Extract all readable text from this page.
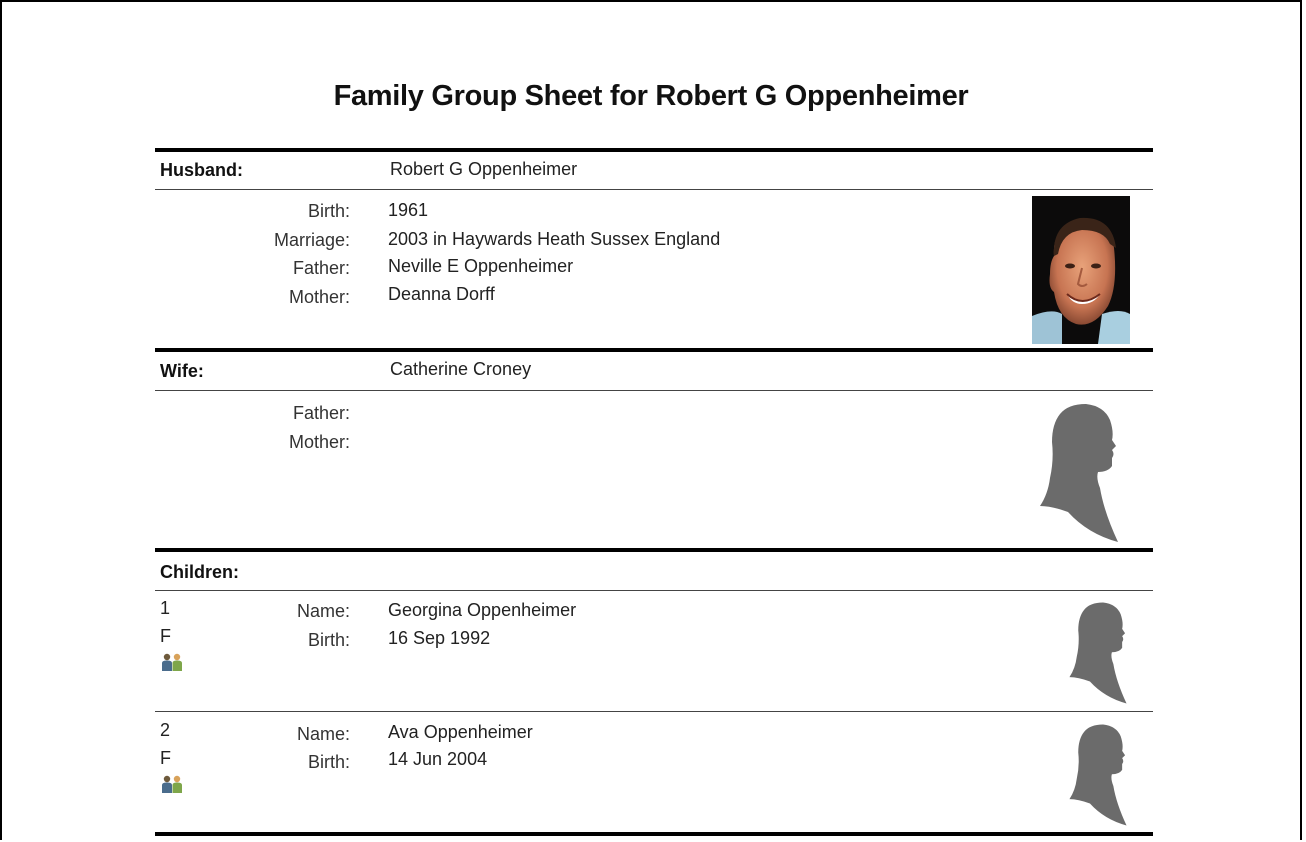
Family Group Sheet for Robert G Oppenheimer
Husband:	Robert G Oppenheimer
Birth: 1961
Marriage: 2003 in Haywards Heath Sussex England
Father: Neville E Oppenheimer
Mother: Deanna Dorff
Wife:	Catherine Croney
Father:
Mother:
Children:
1
F
Name: Georgina Oppenheimer
Birth: 16 Sep 1992
2
F
Name: Ava Oppenheimer
Birth: 14 Jun 2004
